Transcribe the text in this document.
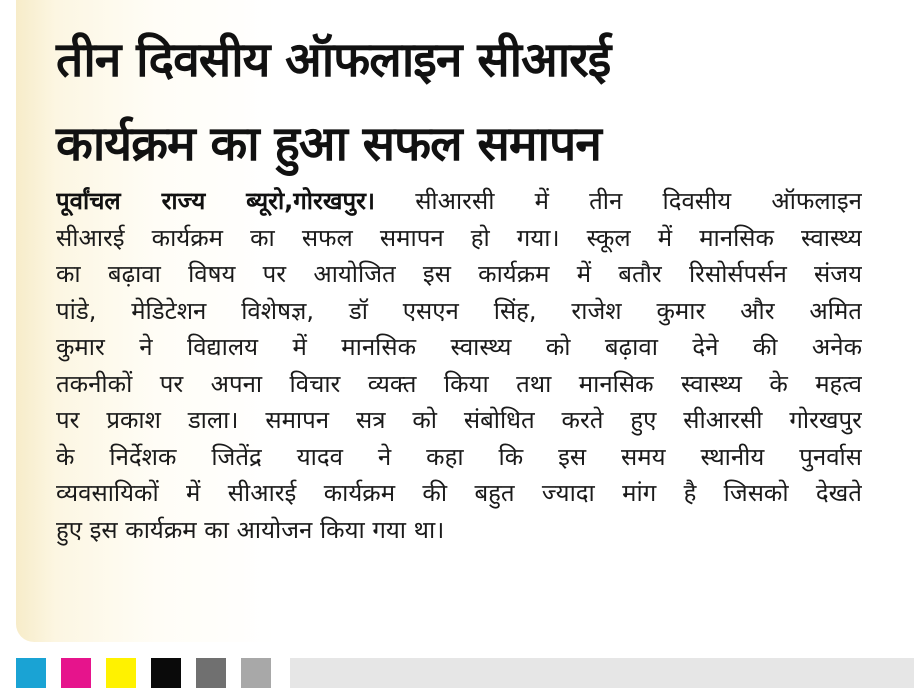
तीन दिवसीय ऑफलाइन सीआरई
कार्यक्रम का हुआ सफल समापन
पूर्वांचल राज्य ब्यूरो,गोरखपुर। सीआरसी में तीन दिवसीय ऑफलाइन
सीआरई कार्यक्रम का सफल समापन हो गया। स्कूल में मानसिक स्वास्थ्य
का बढ़ावा विषय पर आयोजित इस कार्यक्रम में बतौर रिसोर्सपर्सन संजय
पांडे, मेडिटेशन विशेषज्ञ, डॉ एसएन सिंह, राजेश कुमार और अमित
कुमार ने विद्यालय में मानसिक स्वास्थ्य को बढ़ावा देने की अनेक
तकनीकों पर अपना विचार व्यक्त किया तथा मानसिक स्वास्थ्य के महत्व
पर प्रकाश डाला। समापन सत्र को संबोधित करते हुए सीआरसी गोरखपुर
के निर्देशक जितेंद्र यादव ने कहा कि इस समय स्थानीय पुनर्वास
व्यवसायिकों में सीआरई कार्यक्रम की बहुत ज्यादा मांग है जिसको देखते
हुए इस कार्यक्रम का आयोजन किया गया था।
